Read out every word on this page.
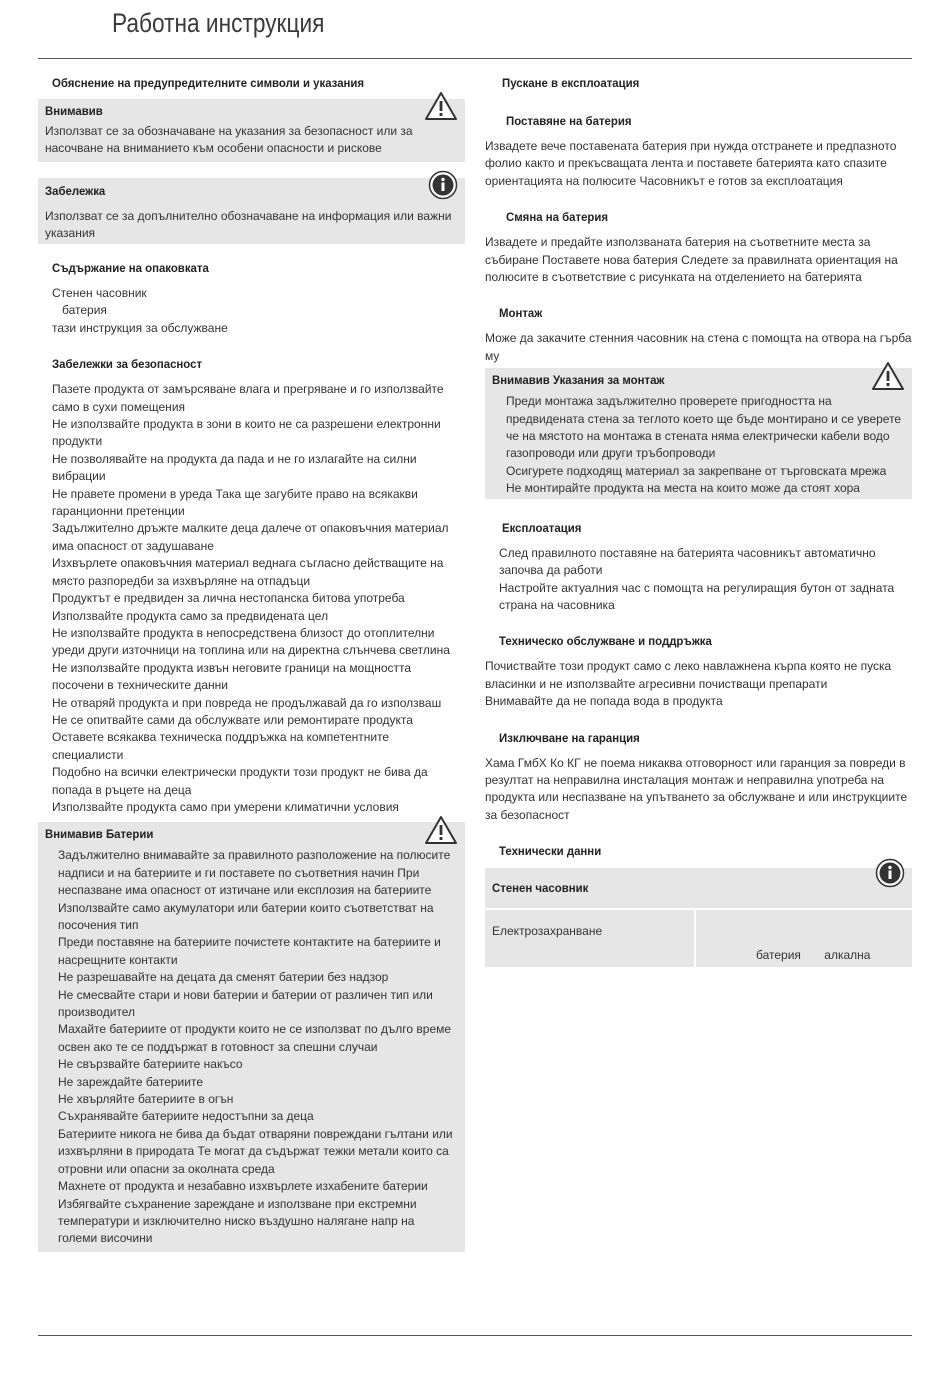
Работна инструкция
Обяснение на предупредителните символи и указания
Внимавив
Използват се за обозначаване на указания за безопасност или за насочване на вниманието към особени опасности и рискове
Забележка
Използват се за допълнително обозначаване на информация или важни указания
Съдържание на опаковката
Стенен часовник
батерия
тази инструкция за обслужване
Забележки за безопасност
Пазете продукта от замърсяване влага и прегряване и го използвайте само в сухи помещения
Не използвайте продукта в зони в които не са разрешени електронни продукти
Не позволявайте на продукта да пада и не го излагайте на силни вибрации
Не правете промени в уреда Така ще загубите право на всякакви гаранционни претенции
Задължително дръжте малките деца далече от опаковъчния материал има опасност от задушаване
Изхвърлете опаковъчния материал веднага съгласно действащите на място разпоредби за изхвърляне на отпадъци
Продуктът е предвиден за лична нестопанска битова употреба
Използвайте продукта само за предвидената цел
Не използвайте продукта в непосредствена близост до отоплителни уреди други източници на топлина или на директна слънчева светлина
Не използвайте продукта извън неговите граници на мощността посочени в техническите данни
Не отваряй продукта и при повреда не продължавай да го използваш
Не се опитвайте сами да обслужвате или ремонтирате продукта Оставете всякаква техническа поддръжка на компетентните специалисти
Подобно на всички електрически продукти този продукт не бива да попада в ръцете на деца
Използвайте продукта само при умерени климатични условия
Внимавив Батерии
Задължително внимавайте за правилното разположение на полюсите надписи и на батериите и ги поставете по съответния начин При неспазване има опасност от изтичане или експлозия на батериите
Използвайте само акумулатори или батерии които съответстват на посочения тип
Преди поставяне на батериите почистете контактите на батериите и насрещните контакти
Не разрешавайте на децата да сменят батерии без надзор
Не смесвайте стари и нови батерии и батерии от различен тип или производител
Махайте батериите от продукти които не се използват по дълго време освен ако те се поддържат в готовност за спешни случаи
Не свързвайте батериите накъсо
Не зареждайте батериите
Не хвърляйте батериите в огън
Съхранявайте батериите недостъпни за деца
Батериите никога не бива да бъдат отваряни повреждани гълтани или изхвърляни в природата Те могат да съдържат тежки метали които са отровни или опасни за околната среда
Махнете от продукта и незабавно изхвърлете изхабените батерии
Избягвайте съхранение зареждане и използване при екстремни температури и изключително ниско въздушно налягане напр на големи височини
Пускане в експлоатация
Поставяне на батерия
Извадете вече поставената батерия при нужда отстранете и предпазното фолио както и прекъсващата лента и поставете батерията като спазите ориентацията на полюсите Часовникът е готов за експлоатация
Смяна на батерия
Извадете и предайте използваната батерия на съответните места за събиране Поставете нова батерия Следете за правилната ориентация на полюсите в съответствие с рисунката на отделението на батерията
Монтаж
Може да закачите стенния часовник на стена с помощта на отвора на гърба му
Внимавив Указания за монтаж
Преди монтажа задължително проверете пригодността на предвидената стена за теглото което ще бъде монтирано и се уверете че на мястото на монтажа в стената няма електрически кабели водо газопроводи или други тръбопроводи
Осигурете подходящ материал за закрепване от търговската мрежа
Не монтирайте продукта на места на които може да стоят хора
Експлоатация
След правилното поставяне на батерията часовникът автоматично започва да работи
Настройте актуалния час с помощта на регулиращия бутон от задната страна на часовника
Техническо обслужване и поддръжка
Почиствайте този продукт само с леко навлажнена кърпа която не пуска власинки и не използвайте агресивни почистващи препарати
Внимавайте да не попада вода в продукта
Изключване на гаранция
Хама ГмбХ Ко КГ не поема никаква отговорност или гаранция за повреди в резултат на неправилна инсталация монтаж и неправилна употреба на продукта или неспазване на упътването за обслужване и или инструкциите за безопасност
Технически данни
Стенен часовник
Електрозахранване	батерия алкална
